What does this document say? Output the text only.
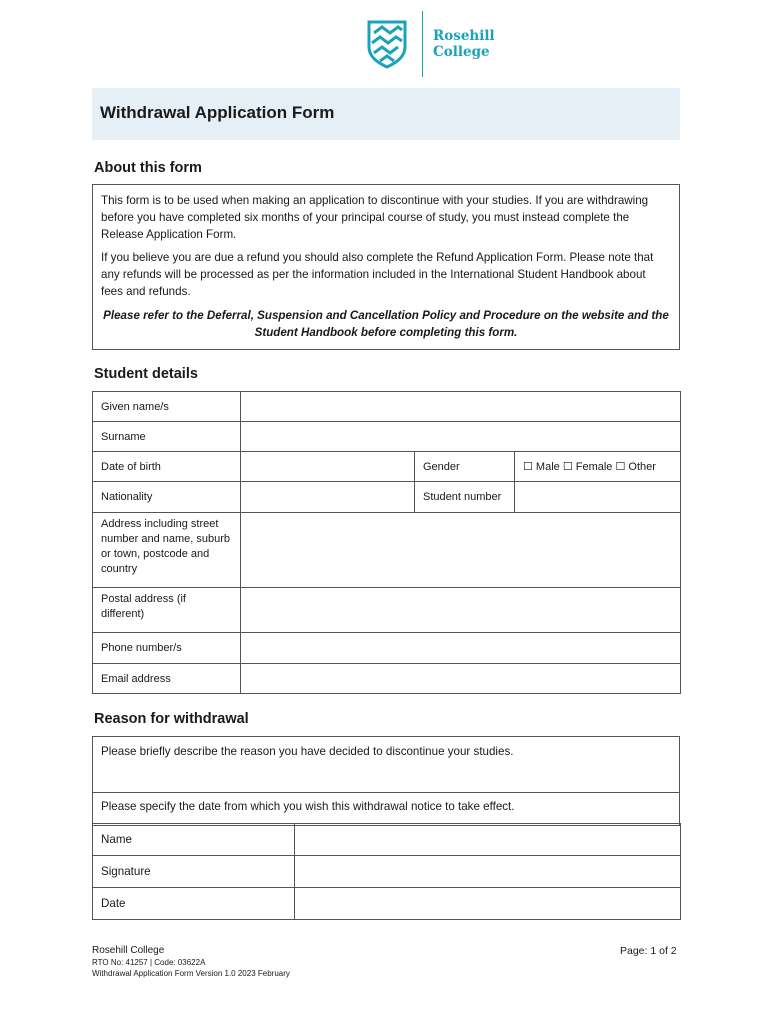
Rosehill
College
Withdrawal Application Form
About this form

This form is to be used when making an application to discontinue with your studies. If you are withdrawing before you have completed six months of your principal course of study, you must instead complete the Release Application Form.

If you believe you are due a refund you should also complete the Refund Application Form. Please note that any refunds will be processed as per the information included in the International Student Handbook about fees and refunds.

Please refer to the Deferral, Suspension and Cancellation Policy and Procedure on the website and the Student Handbook before completing this form.

Student details
Given name/s			
Surname			
Date of birth		Gender	☐ Male ☐ Female ☐ Other
Nationality		Student number	
Address including street number and name, suburb or town, postcode and country			
Postal address (if different)			
Phone number/s			
Email address			
Reason for withdrawal
Please briefly describe the reason you have decided to discontinue your studies.
Please specify the date from which you wish this withdrawal notice to take effect.
Name	
Signature	
Date	
Rosehill College
RTO No: 41257 | Code: 03622A
Withdrawal Application Form Version 1.0 2023 February
Page: 1 of 2
